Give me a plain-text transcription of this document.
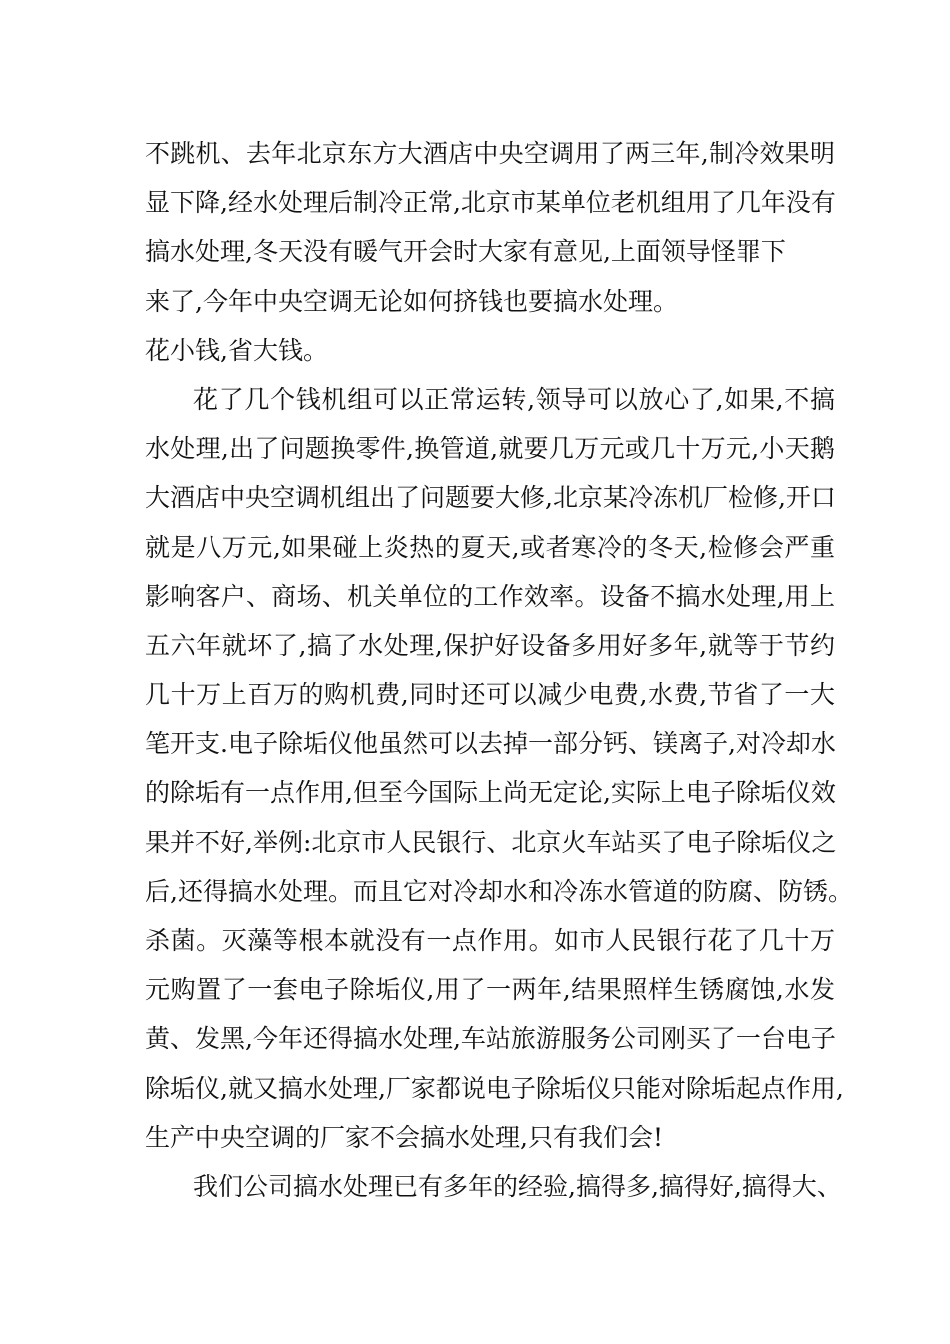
不跳机、去年北京东方大酒店中央空调用了两三年,制冷效果明
显下降,经水处理后制冷正常,北京市某单位老机组用了几年没有
搞水处理,冬天没有暖气开会时大家有意见,上面领导怪罪下
来了,今年中央空调无论如何挤钱也要搞水处理。
花小钱,省大钱。
花了几个钱机组可以正常运转,领导可以放心了,如果,不搞
水处理,出了问题换零件,换管道,就要几万元或几十万元,小天鹅
大酒店中央空调机组出了问题要大修,北京某冷冻机厂检修,开口
就是八万元,如果碰上炎热的夏天,或者寒冷的冬天,检修会严重
影响客户、商场、机关单位的工作效率。设备不搞水处理,用上
五六年就坏了,搞了水处理,保护好设备多用好多年,就等于节约
几十万上百万的购机费,同时还可以减少电费,水费,节省了一大
笔开支.电子除垢仪他虽然可以去掉一部分钙、镁离子,对冷却水
的除垢有一点作用,但至今国际上尚无定论,实际上电子除垢仪效
果并不好,举例:北京市人民银行、北京火车站买了电子除垢仪之
后,还得搞水处理。而且它对冷却水和冷冻水管道的防腐、防锈。
杀菌。灭藻等根本就没有一点作用。如市人民银行花了几十万
元购置了一套电子除垢仪,用了一两年,结果照样生锈腐蚀,水发
黄、发黑,今年还得搞水处理,车站旅游服务公司刚买了一台电子
除垢仪,就又搞水处理,厂家都说电子除垢仪只能对除垢起点作用,
生产中央空调的厂家不会搞水处理,只有我们会!
我们公司搞水处理已有多年的经验,搞得多,搞得好,搞得大、
